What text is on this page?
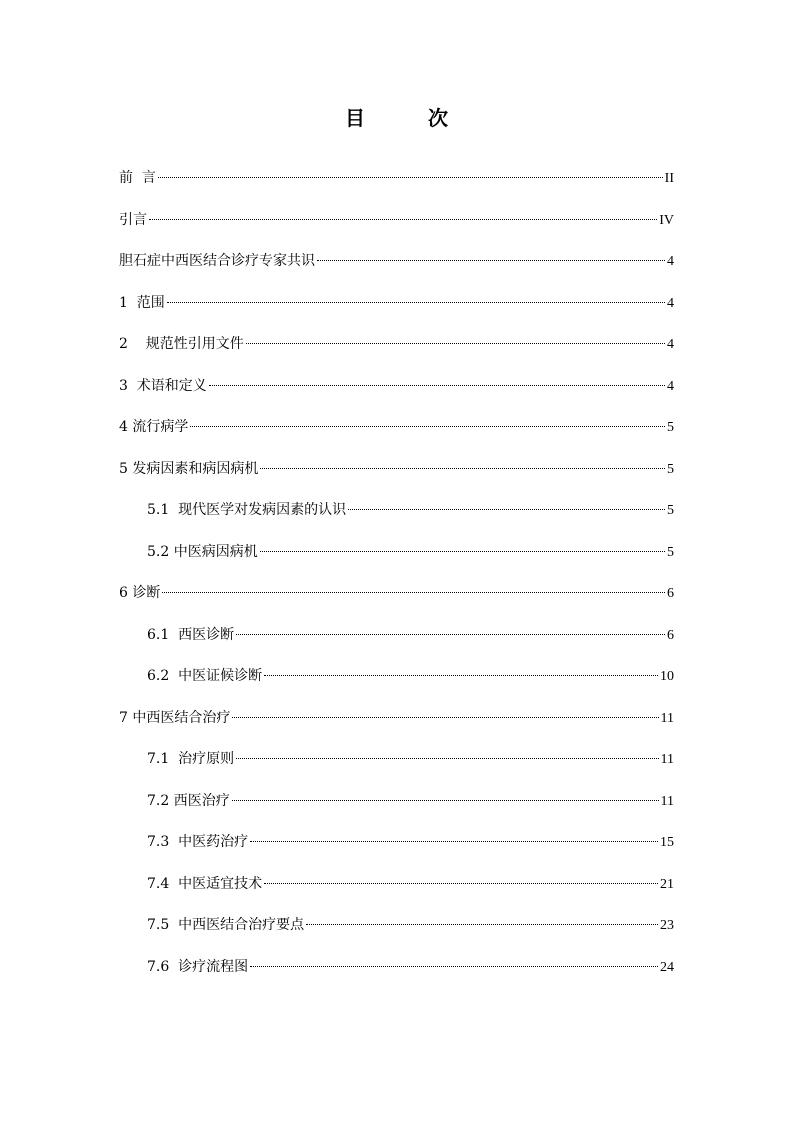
目 次
前  言	II
引言	IV
胆石症中西医结合诊疗专家共识	4
1  范围	4
2    规范性引用文件	4
3  术语和定义	4
4 流行病学	5
5 发病因素和病因病机	5
5.1  现代医学对发病因素的认识	5
5.2 中医病因病机	5
6 诊断	6
6.1  西医诊断	6
6.2  中医证候诊断	10
7 中西医结合治疗	11
7.1  治疗原则	11
7.2 西医治疗	11
7.3  中医药治疗	15
7.4  中医适宜技术	21
7.5  中西医结合治疗要点	23
7.6  诊疗流程图	24
